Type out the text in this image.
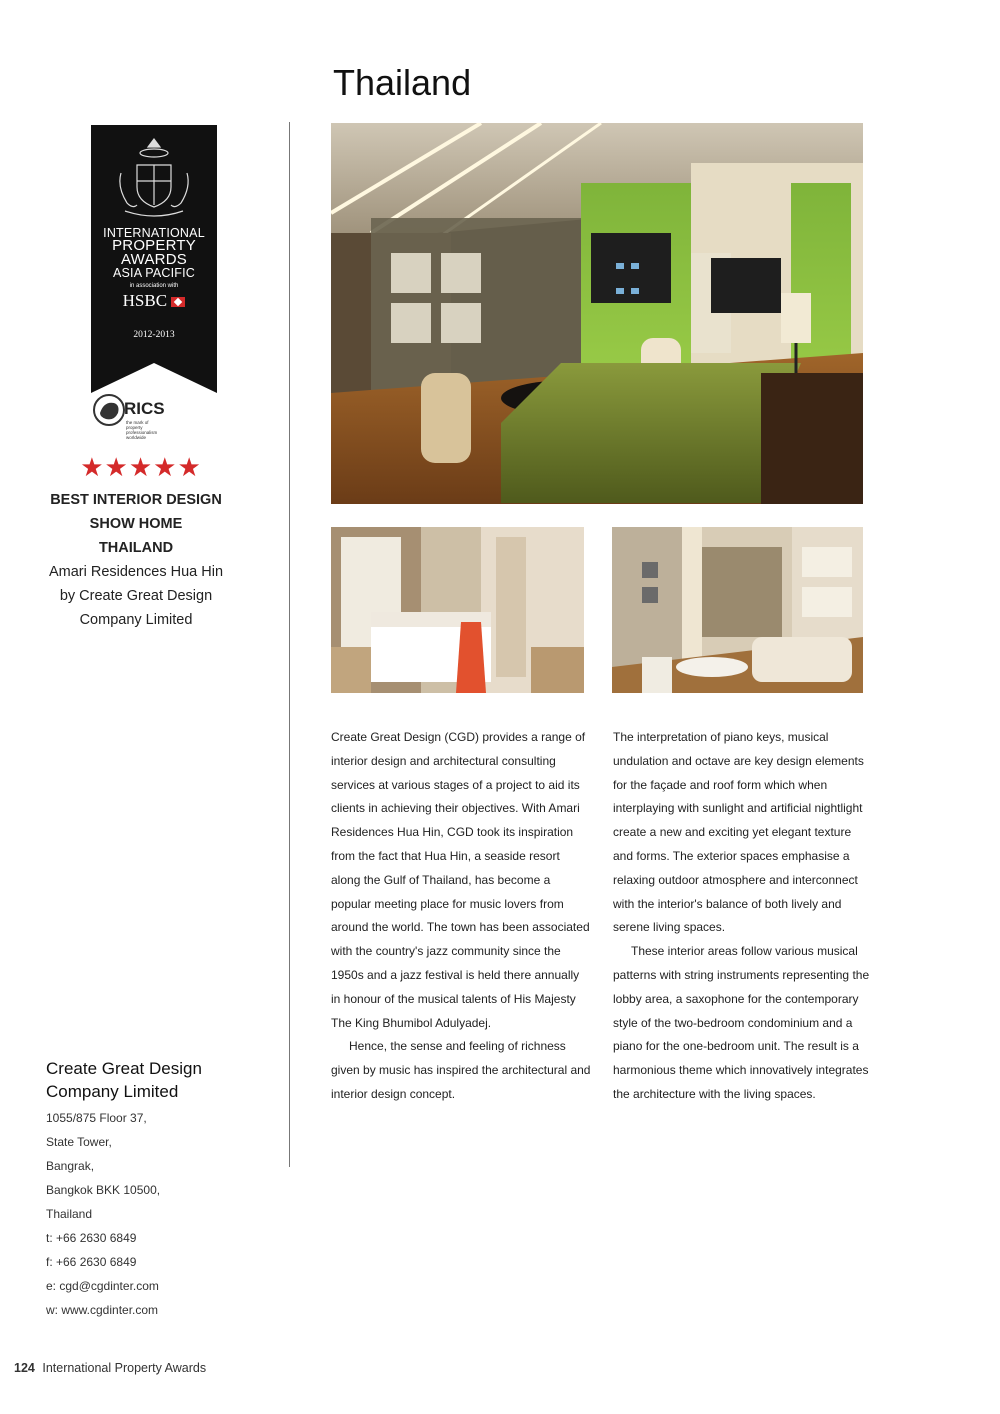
Thailand
INTERNATIONAL
PROPERTY
AWARDS
ASIA PACIFIC
in association with
HSBC
2012-2013
RICS
the mark of property professionalism worldwide
★★★★★
BEST INTERIOR DESIGN
SHOW HOME
THAILAND
Amari Residences Hua Hin
by Create Great Design
Company Limited
Create Great Design
Company Limited
1055/875 Floor 37,
State Tower,
Bangrak,
Bangkok BKK 10500,
Thailand
t: +66 2630 6849
f: +66 2630 6849
e: cgd@cgdinter.com
w: www.cgdinter.com

Create Great Design (CGD) provides a range of interior design and architectural consulting services at various stages of a project to aid its clients in achieving their objectives. With Amari Residences Hua Hin, CGD took its inspiration from the fact that Hua Hin, a seaside resort along the Gulf of Thailand, has become a popular meeting place for music lovers from around the world. The town has been associated with the country's jazz community since the 1950s and a jazz festival is held there annually in honour of the musical talents of His Majesty The King Bhumibol Adulyadej.

Hence, the sense and feeling of richness given by music has inspired the architectural and interior design concept.

The interpretation of piano keys, musical undulation and octave are key design elements for the façade and roof form which when interplaying with sunlight and artificial nightlight create a new and exciting yet elegant texture and forms. The exterior spaces emphasise a relaxing outdoor atmosphere and interconnect with the interior's balance of both lively and serene living spaces.

These interior areas follow various musical patterns with string instruments representing the lobby area, a saxophone for the contemporary style of the two-bedroom condominium and a piano for the one-bedroom unit. The result is a harmonious theme which innovatively integrates the architecture with the living spaces.

124 International Property Awards
